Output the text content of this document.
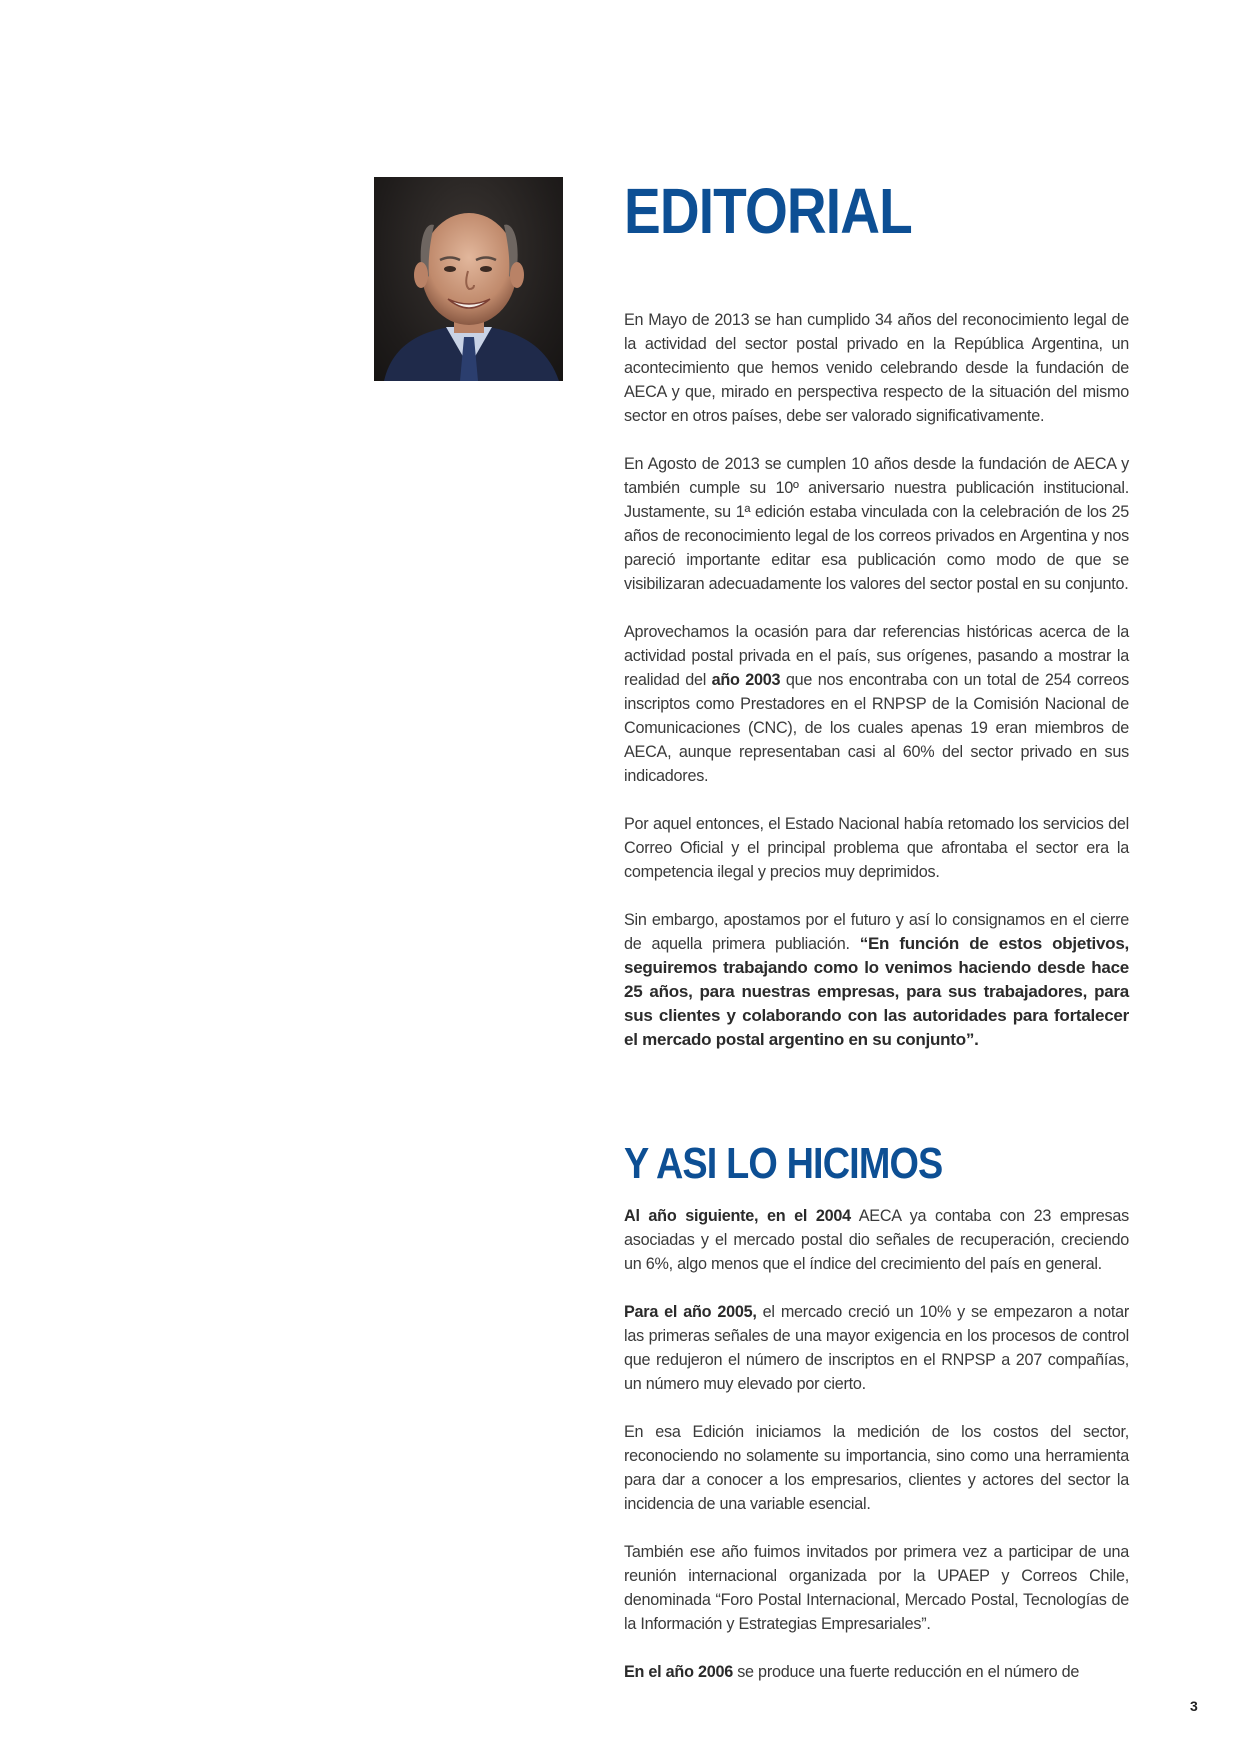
EDITORIAL

En Mayo de 2013 se han cumplido 34 años del reconocimiento legal de la actividad del sector postal privado en la República Argentina, un acontecimiento que hemos venido celebrando desde la fundación de AECA y que, mirado en perspectiva respecto de la situación del mismo sector en otros países, debe ser valorado significativamente.

En Agosto de 2013 se cumplen 10 años desde la fundación de AECA y también cumple su 10º aniversario nuestra publicación institucional. Justamente, su 1ª edición estaba vinculada con la celebración de los 25 años de reconocimiento legal de los correos privados en Argentina y nos pareció importante editar esa publicación como modo de que se visibilizaran adecuadamente los valores del sector postal en su conjunto.

Aprovechamos la ocasión para dar referencias históricas acerca de la actividad postal privada en el país, sus orígenes, pasando a mostrar la realidad del año 2003 que nos encontraba con un total de 254 correos inscriptos como Prestadores en el RNPSP de la Comisión Nacional de Comunicaciones (CNC), de los cuales apenas 19 eran miembros de AECA, aunque representaban casi al 60% del sector privado en sus indicadores.

Por aquel entonces, el Estado Nacional había retomado los servicios del Correo Oficial y el principal problema que afrontaba el sector era la competencia ilegal y precios muy deprimidos.

Sin embargo, apostamos por el futuro y así lo consignamos en el cierre de aquella primera publiación. “En función de estos objetivos, seguiremos trabajando como lo venimos haciendo desde hace 25 años, para nuestras empresas, para sus trabajadores, para sus clientes y colaborando con las autoridades para fortalecer el mercado postal argentino en su conjunto”.

Y ASI LO HICIMOS

Al año siguiente, en el 2004 AECA ya contaba con 23 empresas asociadas y el mercado postal dio señales de recuperación, creciendo un 6%, algo menos que el índice del crecimiento del país en general.

Para el año 2005, el mercado creció un 10% y se empezaron a notar las primeras señales de una mayor exigencia en los procesos de control que redujeron el número de inscriptos en el RNPSP a 207 compañías, un número muy elevado por cierto.

En esa Edición iniciamos la medición de los costos del sector, reconociendo no solamente su importancia, sino como una herramienta para dar a conocer a los empresarios, clientes y actores del sector la incidencia de una variable esencial.

También ese año fuimos invitados por primera vez a participar de una reunión internacional organizada por la UPAEP y Correos Chile, denominada “Foro Postal Internacional, Mercado Postal, Tecnologías de la Información y Estrategias Empresariales”.

En el año 2006 se produce una fuerte reducción en el número de

3
